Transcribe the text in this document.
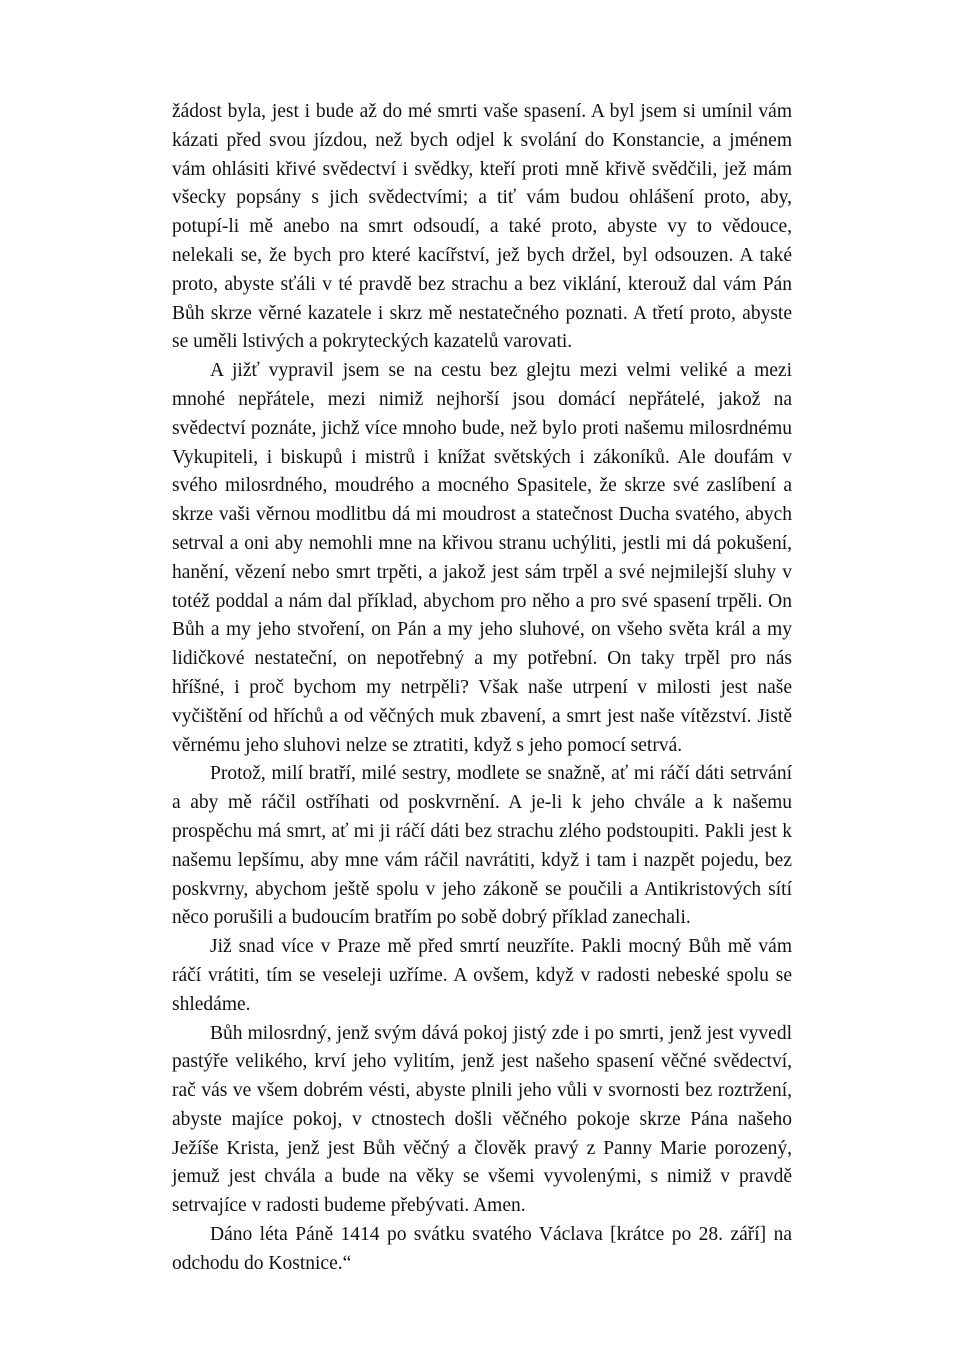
žádost byla, jest i bude až do mé smrti vaše spasení. A byl jsem si umínil vám kázati před svou jízdou, než bych odjel k svolání do Konstancie, a jménem vám ohlásiti křivé svědectví i svědky, kteří proti mně křivě svědčili, jež mám všecky popsány s jich svědectvími; a tiť vám budou ohlášení proto, aby, potupí-li mě anebo na smrt odsoudí, a také proto, abyste vy to vědouce, nelekali se, že bych pro které kacířství, jež bych držel, byl odsouzen. A také proto, abyste sťáli v té pravdě bez strachu a bez viklání, kterouž dal vám Pán Bůh skrze věrné kazatele i skrz mě nestatečného poznati. A třetí proto, abyste se uměli lstivých a pokryteckých kazatelů varovati.

A jižť vypravil jsem se na cestu bez glejtu mezi velmi veliké a mezi mnohé nepřátele, mezi nimiž nejhorší jsou domácí nepřátelé, jakož na svědectví poznáte, jichž více mnoho bude, než bylo proti našemu milosrdnému Vykupiteli, i biskupů i mistrů i knížat světských i zákoníků. Ale doufám v svého milosrdného, moudrého a mocného Spasitele, že skrze své zaslíbení a skrze vaši věrnou modlitbu dá mi moudrost a statečnost Ducha svatého, abych setrval a oni aby nemohli mne na křivou stranu uchýliti, jestli mi dá pokušení, hanění, vězení nebo smrt trpěti, a jakož jest sám trpěl a své nejmilejší sluhy v totéž poddal a nám dal příklad, abychom pro něho a pro své spasení trpěli. On Bůh a my jeho stvoření, on Pán a my jeho sluhové, on všeho světa král a my lidičkové nestateční, on nepotřebný a my potřební. On taky trpěl pro nás hříšné, i proč bychom my netrpěli? Však naše utrpení v milosti jest naše vyčištění od hříchů a od věčných muk zbavení, a smrt jest naše vítězství. Jistě věrnému jeho sluhovi nelze se ztratiti, když s jeho pomocí setrvá.

Protož, milí bratří, milé sestry, modlete se snažně, ať mi ráčí dáti setrvání a aby mě ráčil ostříhati od poskvrnění. A je-li k jeho chvále a k našemu prospěchu má smrt, ať mi ji ráčí dáti bez strachu zlého podstoupiti. Pakli jest k našemu lepšímu, aby mne vám ráčil navrátiti, když i tam i nazpět pojedu, bez poskvrny, abychom ještě spolu v jeho zákoně se poučili a Antikristových sítí něco porušili a budoucím bratřím po sobě dobrý příklad zanechali.

Již snad více v Praze mě před smrtí neuzříte. Pakli mocný Bůh mě vám ráčí vrátiti, tím se veseleji uzříme. A ovšem, když v radosti nebeské spolu se shledáme.

Bůh milosrdný, jenž svým dává pokoj jistý zde i po smrti, jenž jest vyvedl pastýře velikého, krví jeho vylitím, jenž jest našeho spasení věčné svědectví, rač vás ve všem dobrém vésti, abyste plnili jeho vůli v svornosti bez roztržení, abyste majíce pokoj, v ctnostech došli věčného pokoje skrze Pána našeho Ježíše Krista, jenž jest Bůh věčný a člověk pravý z Panny Marie porozený, jemuž jest chvála a bude na věky se všemi vyvolenými, s nimiž v pravdě setrvajíce v radosti budeme přebývati. Amen.

Dáno léta Páně 1414 po svátku svatého Václava [krátce po 28. září] na odchodu do Kostnice.“
